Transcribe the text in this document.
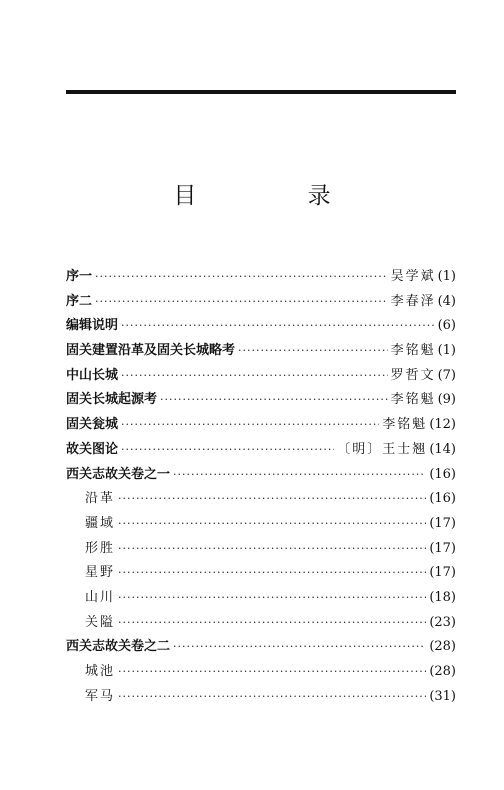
目 录
序一 ·····	吴学斌 (1)
序二 ·····	李春泽 (4)
编辑说明 ·····	(6)
固关建置沿革及固关长城略考 ·····	李铭魁 (1)
中山长城 ·····	罗哲文 (7)
固关长城起源考 ·····	李铭魁 (9)
固关瓮城 ·····	李铭魁 (12)
故关图论 ·····	〔明〕王士翘 (14)
西关志故关卷之一 ·····	(16)
沿革 ·····	(16)
疆域 ·····	(17)
形胜 ·····	(17)
星野 ·····	(17)
山川 ·····	(18)
关隘 ·····	(23)
西关志故关卷之二 ·····	(28)
城池 ·····	(28)
军马 ·····	(31)
